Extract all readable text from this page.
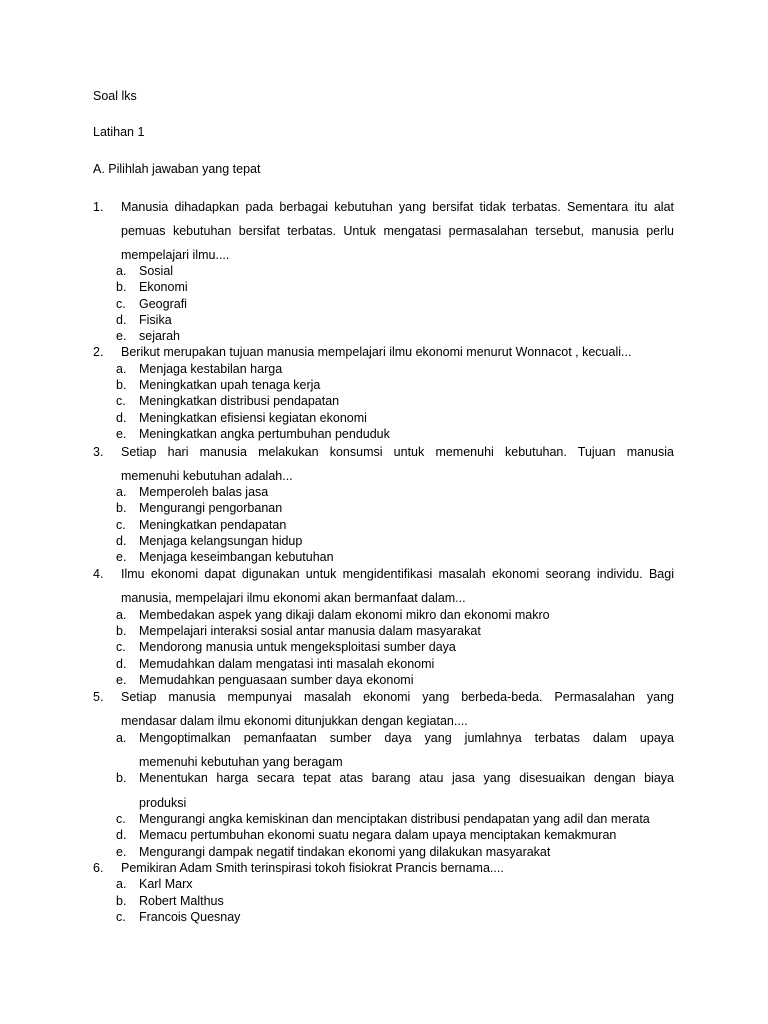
Soal lks
Latihan 1
A. Pilihlah jawaban yang tepat
1. Manusia dihadapkan pada berbagai kebutuhan yang bersifat tidak terbatas. Sementara itu alat
pemuas kebutuhan bersifat terbatas. Untuk mengatasi permasalahan tersebut, manusia perlu
mempelajari ilmu....
a. Sosial
b. Ekonomi
c. Geografi
d. Fisika
e. sejarah
2. Berikut merupakan tujuan manusia mempelajari ilmu ekonomi menurut Wonnacot , kecuali...
a. Menjaga kestabilan harga
b. Meningkatkan upah tenaga kerja
c. Meningkatkan distribusi pendapatan
d. Meningkatkan efisiensi kegiatan ekonomi
e. Meningkatkan angka pertumbuhan penduduk
3. Setiap hari manusia melakukan konsumsi untuk memenuhi kebutuhan. Tujuan manusia
memenuhi kebutuhan adalah...
a. Memperoleh balas jasa
b. Mengurangi pengorbanan
c. Meningkatkan pendapatan
d. Menjaga kelangsungan hidup
e. Menjaga keseimbangan kebutuhan
4. Ilmu ekonomi dapat digunakan untuk mengidentifikasi masalah ekonomi seorang individu. Bagi
manusia, mempelajari ilmu ekonomi akan bermanfaat dalam...
a. Membedakan aspek yang dikaji dalam ekonomi mikro dan ekonomi makro
b. Mempelajari interaksi sosial antar manusia dalam masyarakat
c. Mendorong manusia untuk mengeksploitasi sumber daya
d. Memudahkan dalam mengatasi inti masalah ekonomi
e. Memudahkan penguasaan sumber daya ekonomi
5. Setiap manusia mempunyai masalah ekonomi yang berbeda-beda. Permasalahan yang
mendasar dalam ilmu ekonomi ditunjukkan dengan kegiatan....
a. Mengoptimalkan pemanfaatan sumber daya yang jumlahnya terbatas dalam upaya
memenuhi kebutuhan yang beragam
b. Menentukan harga secara tepat atas barang atau jasa yang disesuaikan dengan biaya
produksi
c. Mengurangi angka kemiskinan dan menciptakan distribusi pendapatan yang adil dan merata
d. Memacu pertumbuhan ekonomi suatu negara dalam upaya menciptakan kemakmuran
e. Mengurangi dampak negatif tindakan ekonomi yang dilakukan masyarakat
6. Pemikiran Adam Smith terinspirasi tokoh fisiokrat Prancis bernama....
a. Karl Marx
b. Robert Malthus
c. Francois Quesnay
